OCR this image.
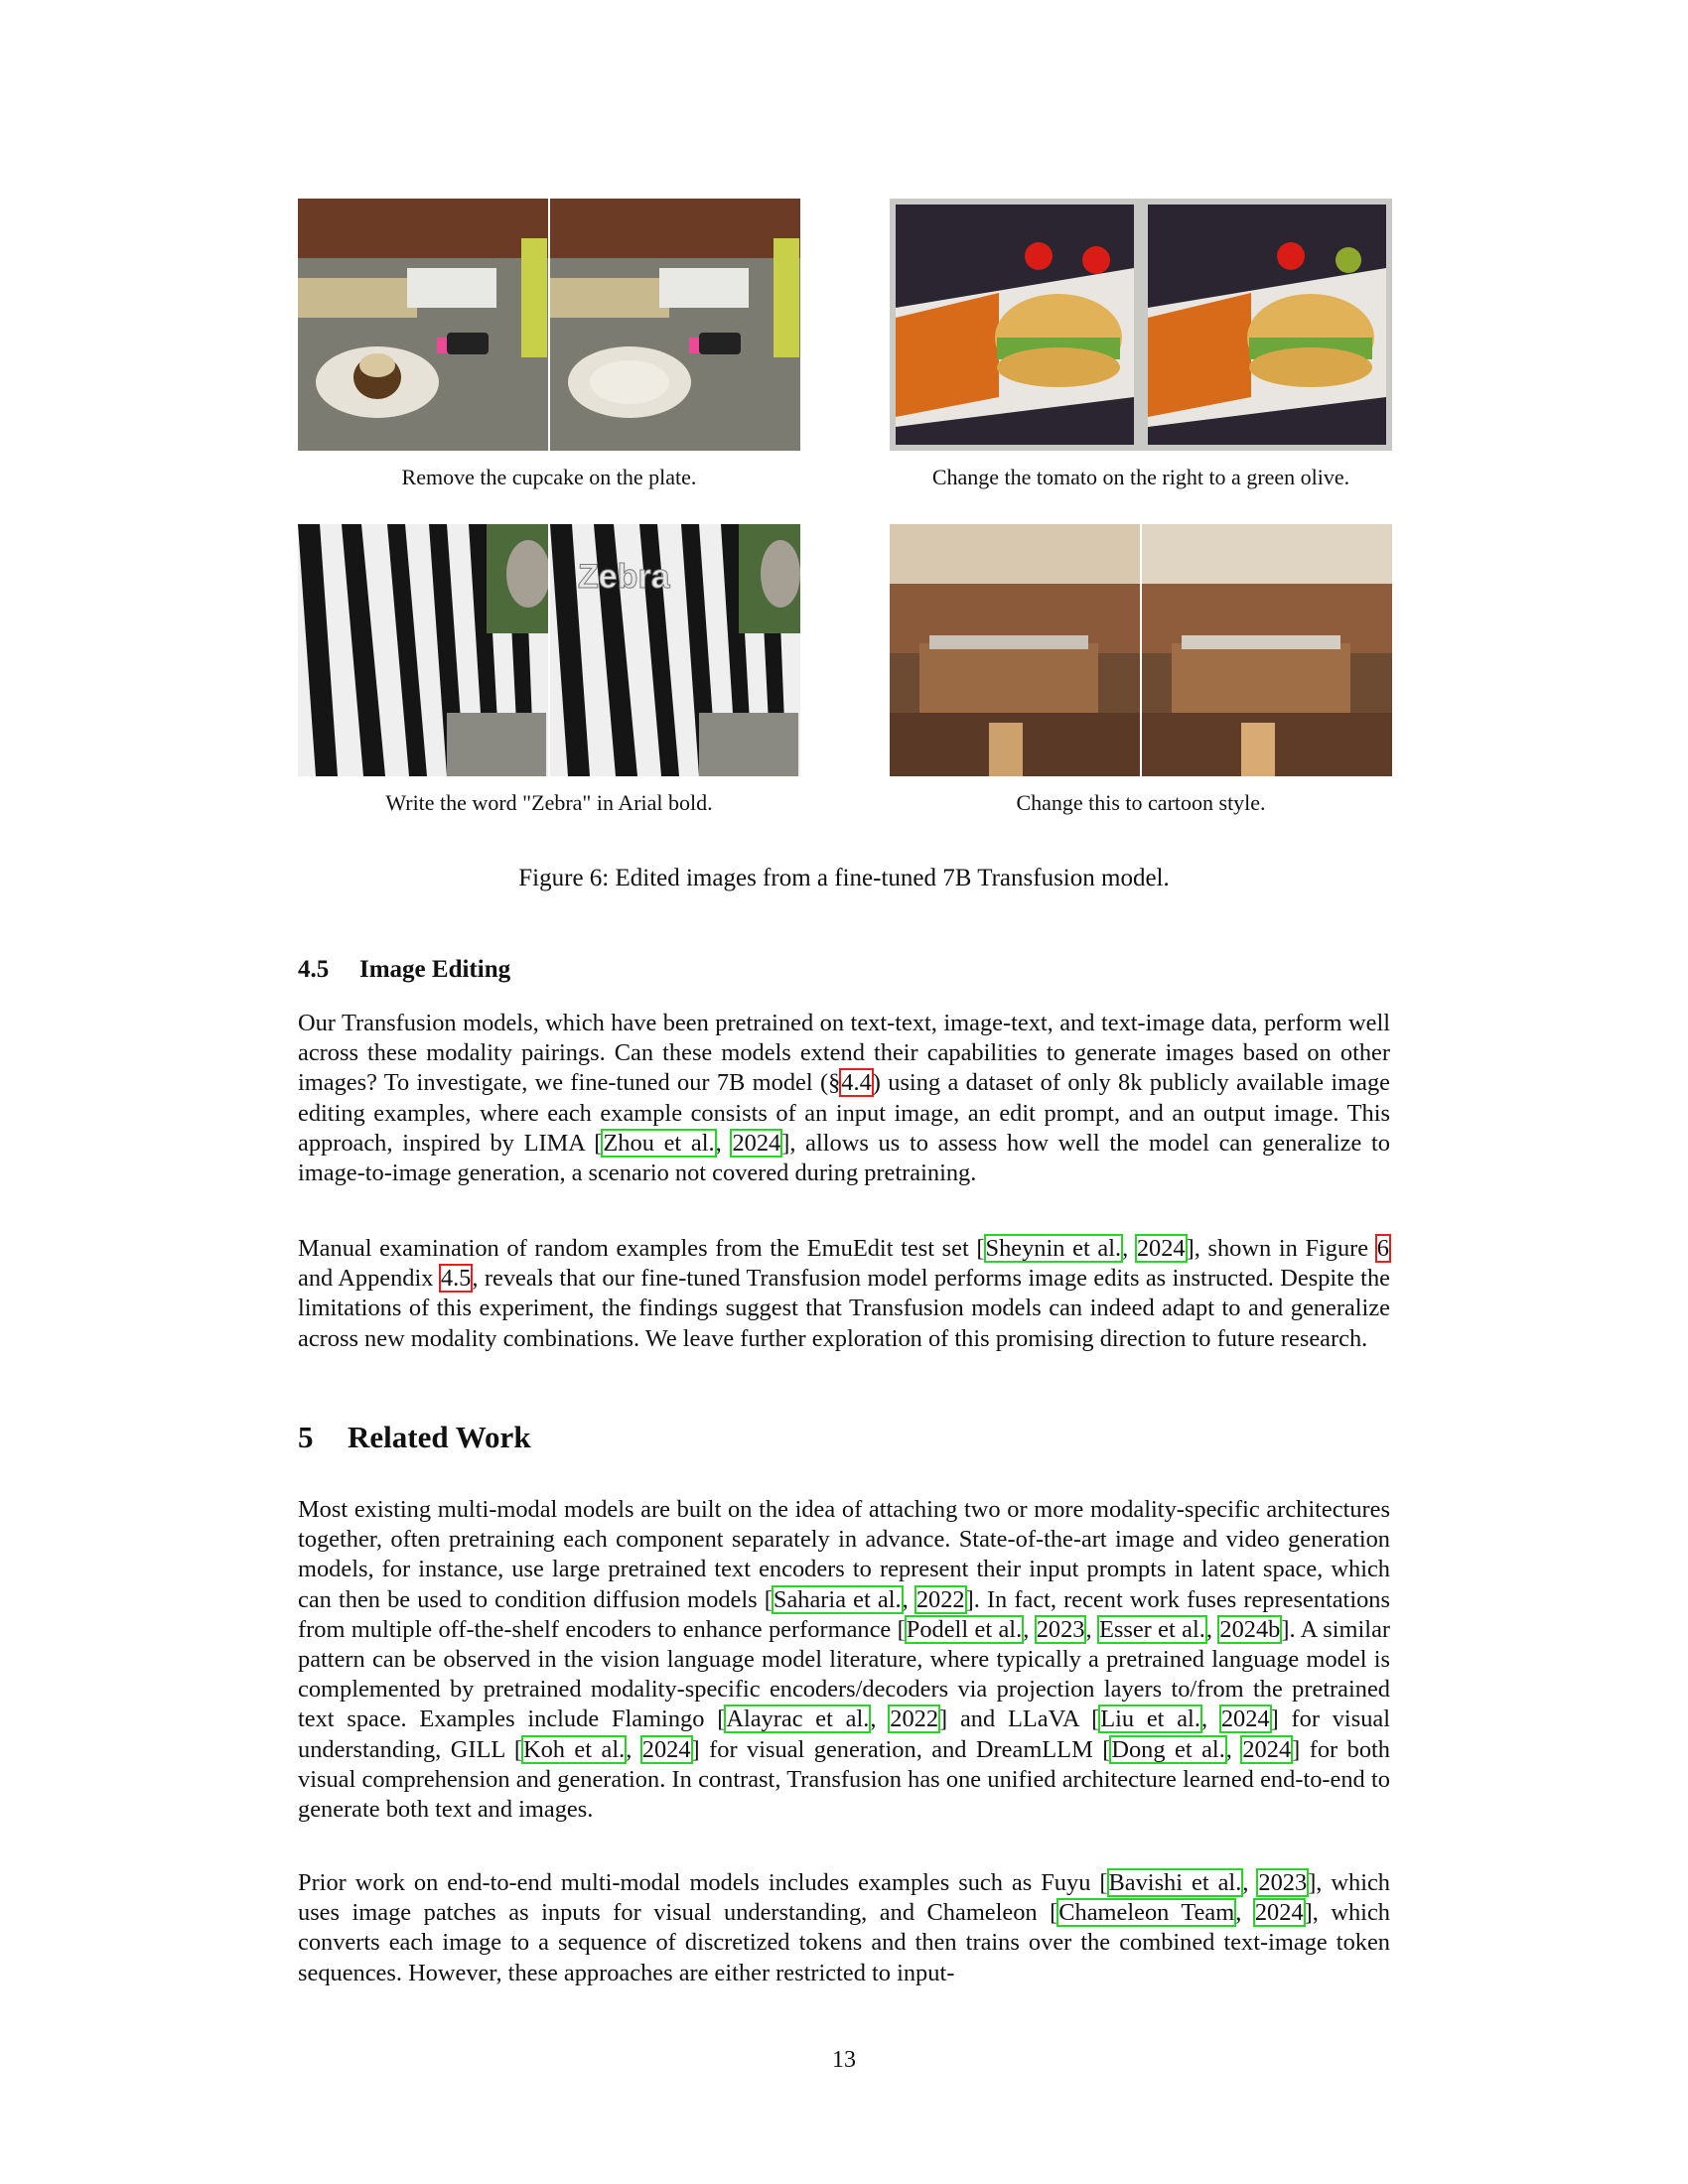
Remove the cupcake on the plate.	Change the tomato on the right to a green olive.
Zebra
Write the word "Zebra" in Arial bold.	Change this to cartoon style.
Figure 6: Edited images from a fine-tuned 7B Transfusion model.
4.5 Image Editing

Our Transfusion models, which have been pretrained on text-text, image-text, and text-image data, perform well across these modality pairings. Can these models extend their capabilities to generate images based on other images? To investigate, we fine-tuned our 7B model (§4.4) using a dataset of only 8k publicly available image editing examples, where each example consists of an input image, an edit prompt, and an output image. This approach, inspired by LIMA [Zhou et al., 2024], allows us to assess how well the model can generalize to image-to-image generation, a scenario not covered during pretraining.

Manual examination of random examples from the EmuEdit test set [Sheynin et al., 2024], shown in Figure 6 and Appendix 4.5, reveals that our fine-tuned Transfusion model performs image edits as instructed. Despite the limitations of this experiment, the findings suggest that Transfusion models can indeed adapt to and generalize across new modality combinations. We leave further exploration of this promising direction to future research.

5 Related Work

Most existing multi-modal models are built on the idea of attaching two or more modality-specific architectures together, often pretraining each component separately in advance. State-of-the-art image and video generation models, for instance, use large pretrained text encoders to represent their input prompts in latent space, which can then be used to condition diffusion models [Saharia et al., 2022]. In fact, recent work fuses representations from multiple off-the-shelf encoders to enhance performance [Podell et al., 2023, Esser et al., 2024b]. A similar pattern can be observed in the vision language model literature, where typically a pretrained language model is complemented by pretrained modality-specific encoders/decoders via projection layers to/from the pretrained text space. Examples include Flamingo [Alayrac et al., 2022] and LLaVA [Liu et al., 2024] for visual understanding, GILL [Koh et al., 2024] for visual generation, and DreamLLM [Dong et al., 2024] for both visual comprehension and generation. In contrast, Transfusion has one unified architecture learned end-to-end to generate both text and images.

Prior work on end-to-end multi-modal models includes examples such as Fuyu [Bavishi et al., 2023], which uses image patches as inputs for visual understanding, and Chameleon [Chameleon Team, 2024], which converts each image to a sequence of discretized tokens and then trains over the combined text-image token sequences. However, these approaches are either restricted to input-

13
